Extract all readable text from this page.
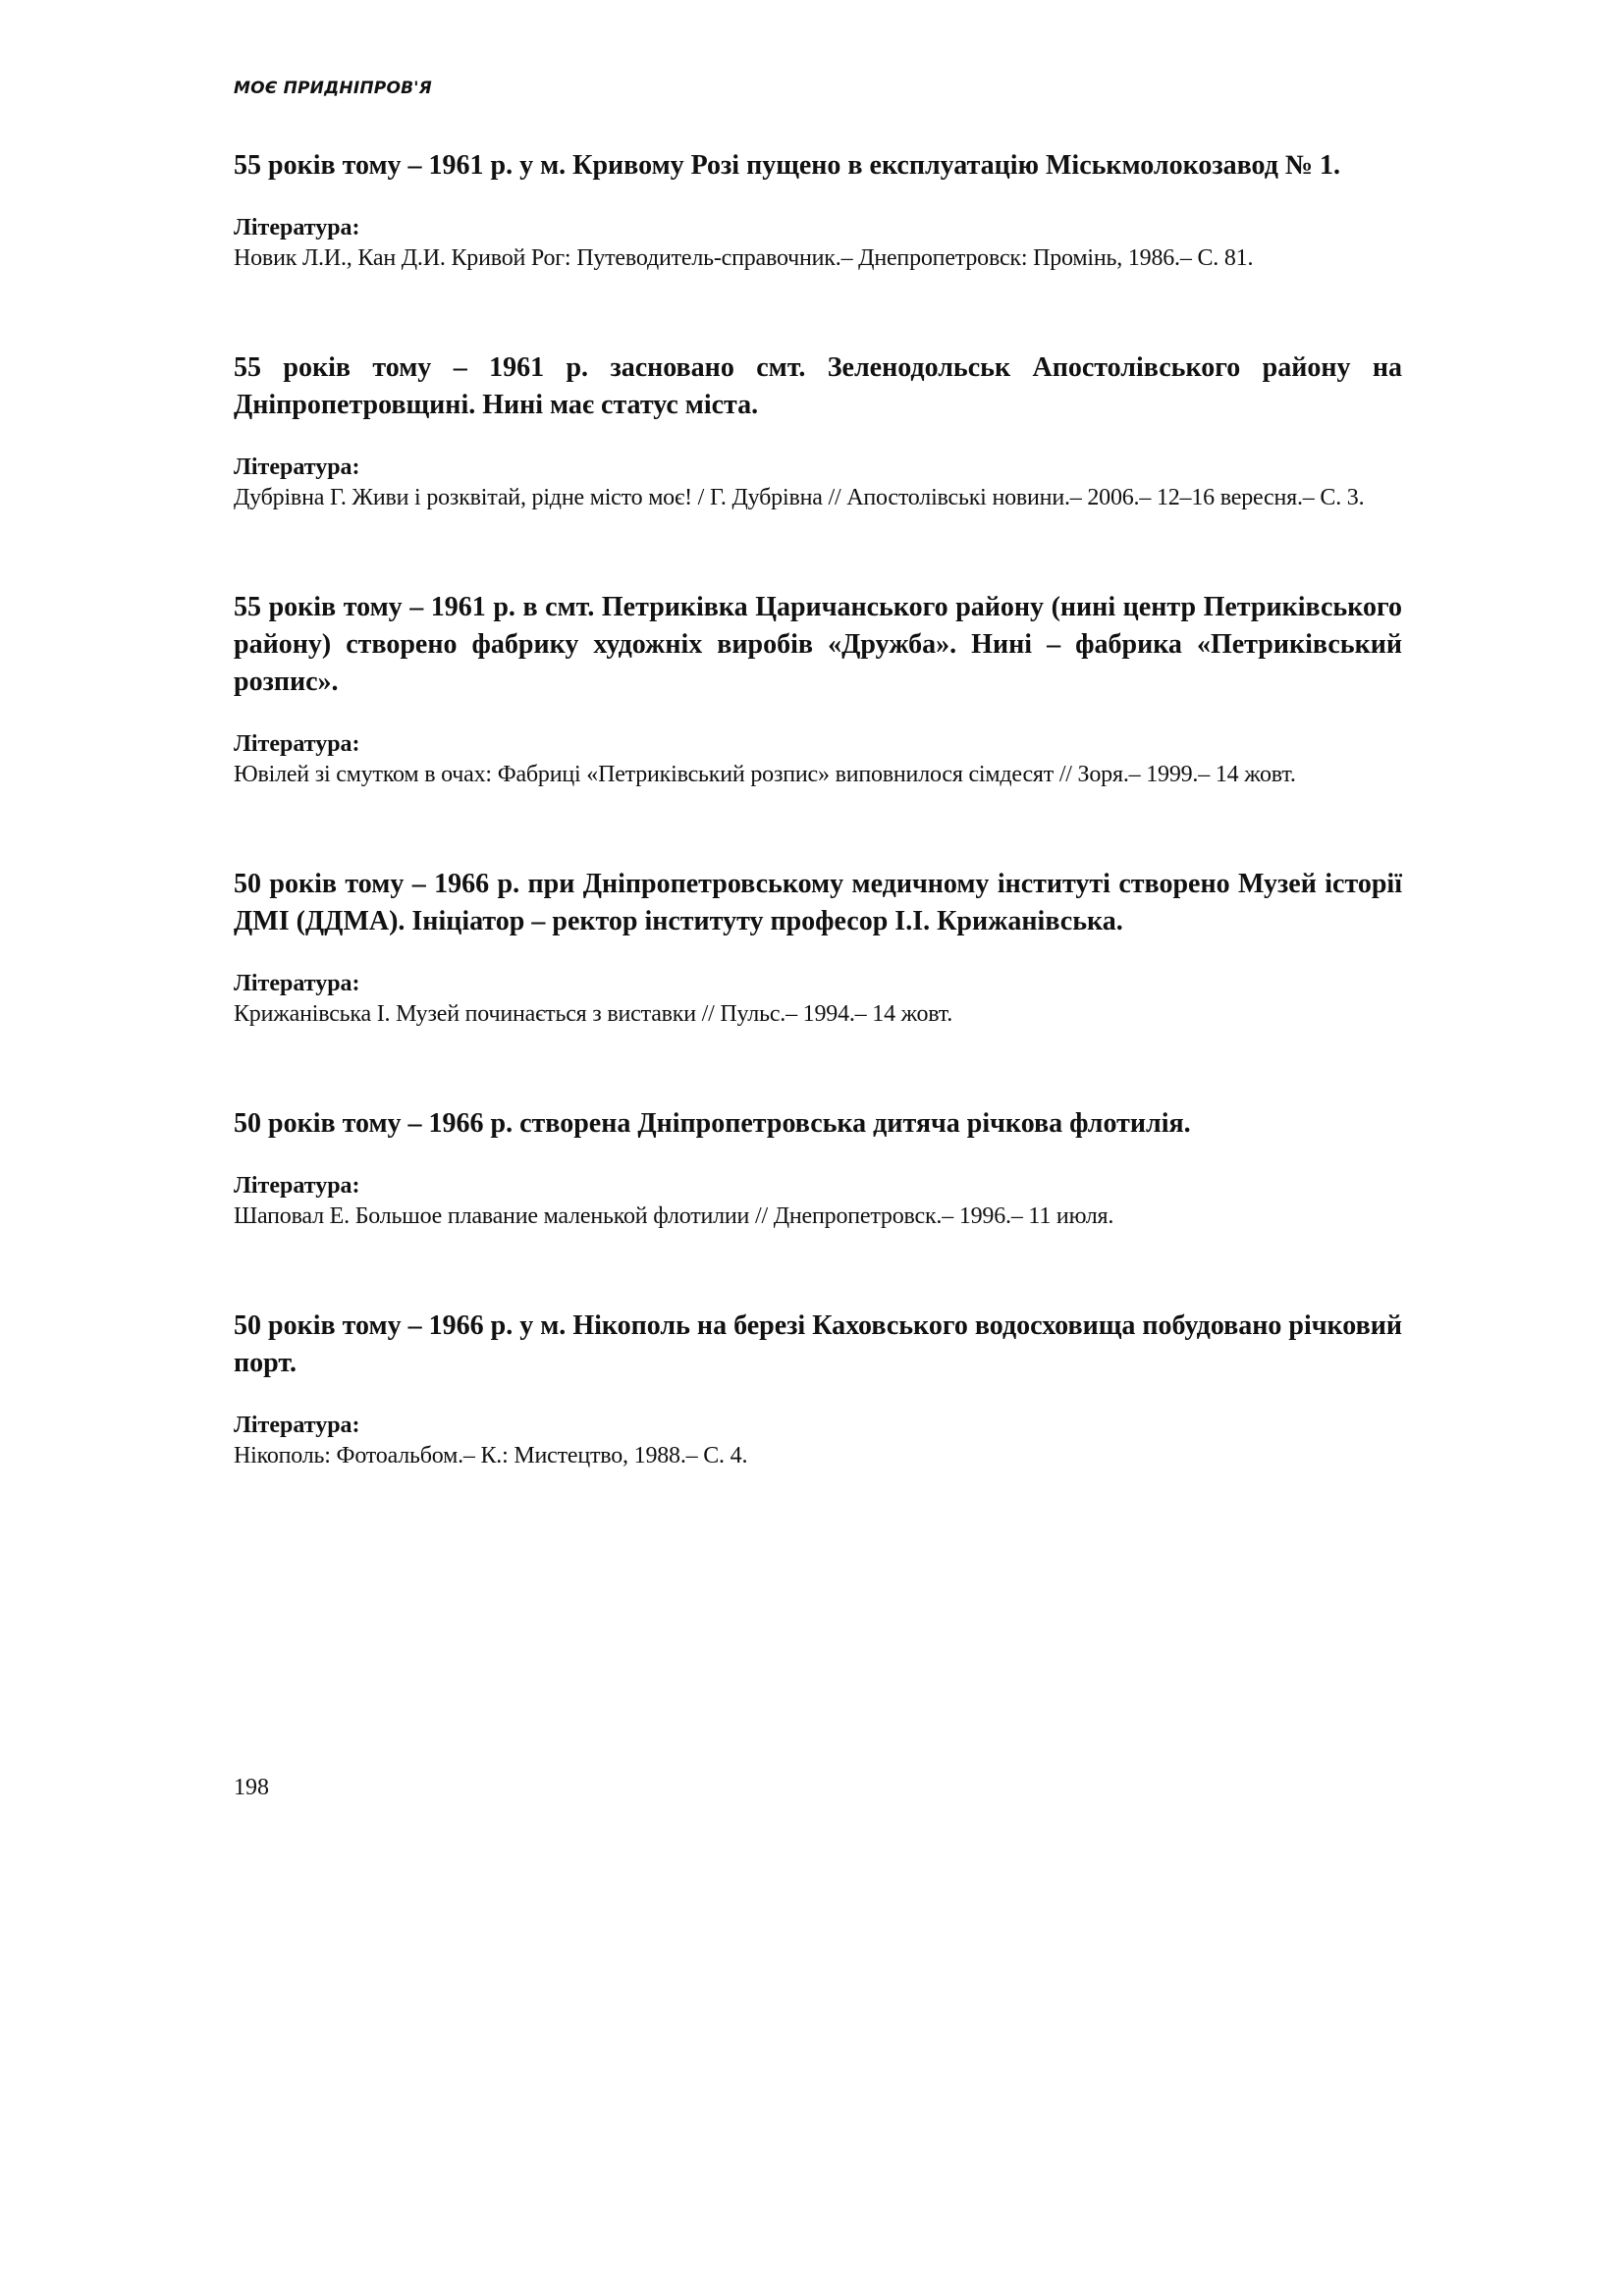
МОЄ ПРИДНІПРОВ'Я

55 років тому – 1961 р. у м. Кривому Розі пущено в експлуатацію Міськмолокозавод № 1.

Література:

Новик Л.И., Кан Д.И. Кривой Рог: Путеводитель-справочник.– Днепропетровск: Промінь, 1986.– С. 81.

55 років тому – 1961 р. засновано смт. Зеленодольськ Апостолівського району на Дніпропетровщині. Нині має статус міста.

Література:

Дубрівна Г. Живи і розквітай, рідне місто моє! / Г. Дубрівна // Апостолівські новини.– 2006.– 12–16 вересня.– С. 3.

55 років тому – 1961 р. в смт. Петриківка Царичанського району (нині центр Петриківського району) створено фабрику художніх виробів «Дружба». Нині – фабрика «Петриківський розпис».

Література:

Ювілей зі смутком в очах: Фабриці «Петриківський розпис» виповнилося сімдесят // Зоря.– 1999.– 14 жовт.

50 років тому – 1966 р. при Дніпропетровському медичному інституті створено Музей історії ДМІ (ДДМА). Ініціатор – ректор інституту професор І.І. Крижанівська.

Література:

Крижанівська І. Музей починається з виставки // Пульс.– 1994.– 14 жовт.

50 років тому – 1966 р. створена Дніпропетровська дитяча річкова флотилія.

Література:

Шаповал Е. Большое плавание маленькой флотилии // Днепропетровск.– 1996.– 11 июля.

50 років тому – 1966 р. у м. Нікополь на березі Каховського водосховища побудовано річковий порт.

Література:

Нікополь: Фотоальбом.– К.: Мистецтво, 1988.– С. 4.

198
